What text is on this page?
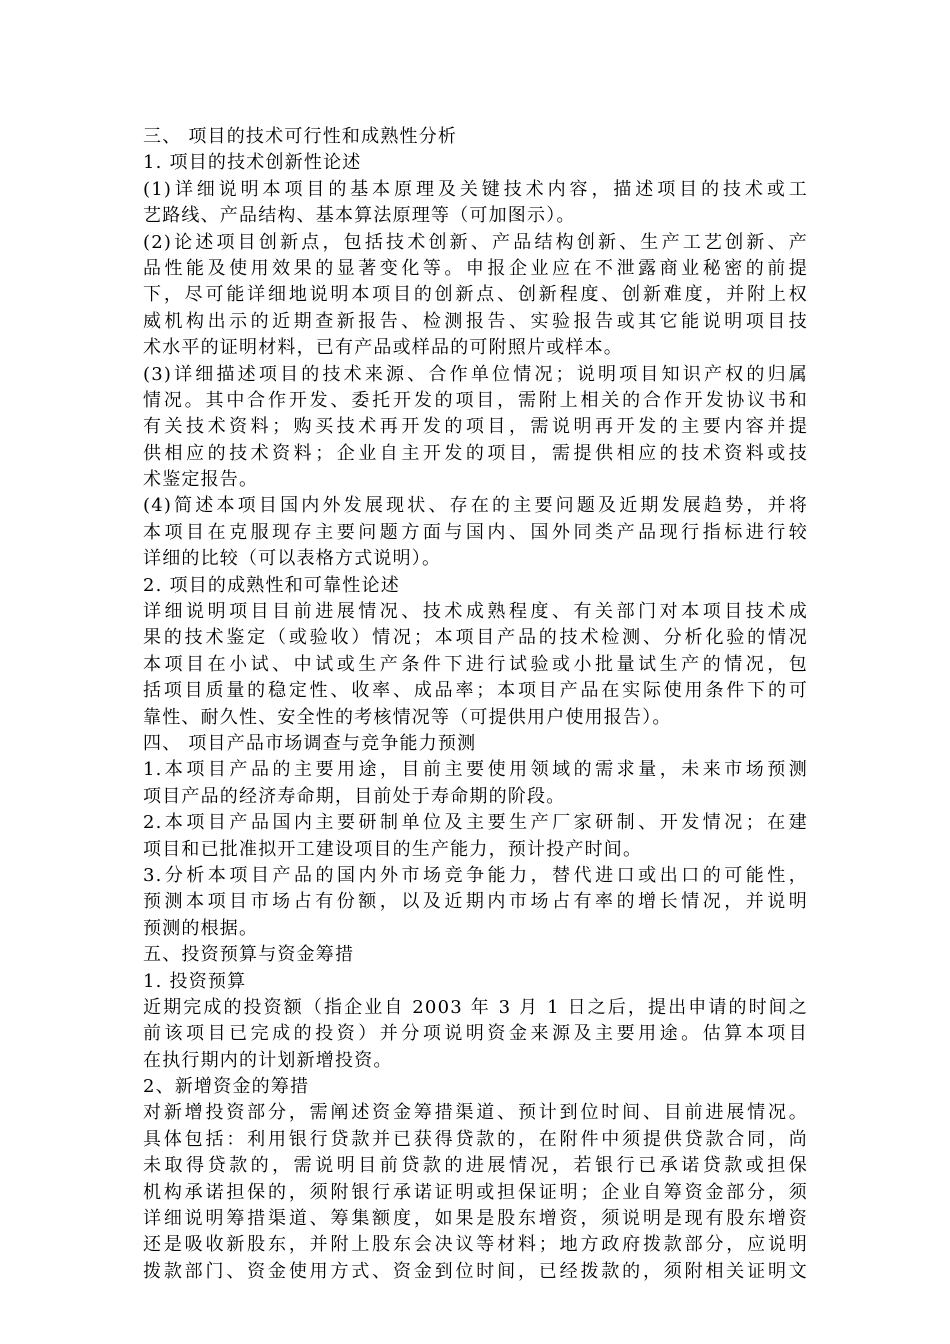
三、 项目的技术可行性和成熟性分析
1. 项目的技术创新性论述
(1)详细说明本项目的基本原理及关键技术内容，描述项目的技术或工
艺路线、产品结构、基本算法原理等（可加图示）。
(2)论述项目创新点，包括技术创新、产品结构创新、生产工艺创新、产
品性能及使用效果的显著变化等。申报企业应在不泄露商业秘密的前提
下，尽可能详细地说明本项目的创新点、创新程度、创新难度，并附上权
威机构出示的近期查新报告、检测报告、实验报告或其它能说明项目技
术水平的证明材料，已有产品或样品的可附照片或样本。
(3)详细描述项目的技术来源、合作单位情况；说明项目知识产权的归属
情况。其中合作开发、委托开发的项目，需附上相关的合作开发协议书和
有关技术资料；购买技术再开发的项目，需说明再开发的主要内容并提
供相应的技术资料；企业自主开发的项目，需提供相应的技术资料或技
术鉴定报告。
(4)简述本项目国内外发展现状、存在的主要问题及近期发展趋势，并将
本项目在克服现存主要问题方面与国内、国外同类产品现行指标进行较
详细的比较（可以表格方式说明）。
2. 项目的成熟性和可靠性论述
详细说明项目目前进展情况、技术成熟程度、有关部门对本项目技术成
果的技术鉴定（或验收）情况；本项目产品的技术检测、分析化验的情况
本项目在小试、中试或生产条件下进行试验或小批量试生产的情况，包
括项目质量的稳定性、收率、成品率；本项目产品在实际使用条件下的可
靠性、耐久性、安全性的考核情况等（可提供用户使用报告）。
四、 项目产品市场调查与竞争能力预测
1.本项目产品的主要用途，目前主要使用领域的需求量，未来市场预测
项目产品的经济寿命期，目前处于寿命期的阶段。
2.本项目产品国内主要研制单位及主要生产厂家研制、开发情况；在建
项目和已批准拟开工建设项目的生产能力，预计投产时间。
3.分析本项目产品的国内外市场竞争能力，替代进口或出口的可能性，
预测本项目市场占有份额，以及近期内市场占有率的增长情况，并说明
预测的根据。
五、投资预算与资金筹措
1. 投资预算
近期完成的投资额（指企业自 2003 年 3 月 1 日之后，提出申请的时间之
前该项目已完成的投资）并分项说明资金来源及主要用途。估算本项目
在执行期内的计划新增投资。
2、新增资金的筹措
对新增投资部分，需阐述资金筹措渠道、预计到位时间、目前进展情况。
具体包括：利用银行贷款并已获得贷款的，在附件中须提供贷款合同，尚
未取得贷款的，需说明目前贷款的进展情况，若银行已承诺贷款或担保
机构承诺担保的，须附银行承诺证明或担保证明；企业自筹资金部分，须
详细说明筹措渠道、筹集额度，如果是股东增资，须说明是现有股东增资
还是吸收新股东，并附上股东会决议等材料；地方政府拨款部分，应说明
拨款部门、资金使用方式、资金到位时间，已经拨款的，须附相关证明文
